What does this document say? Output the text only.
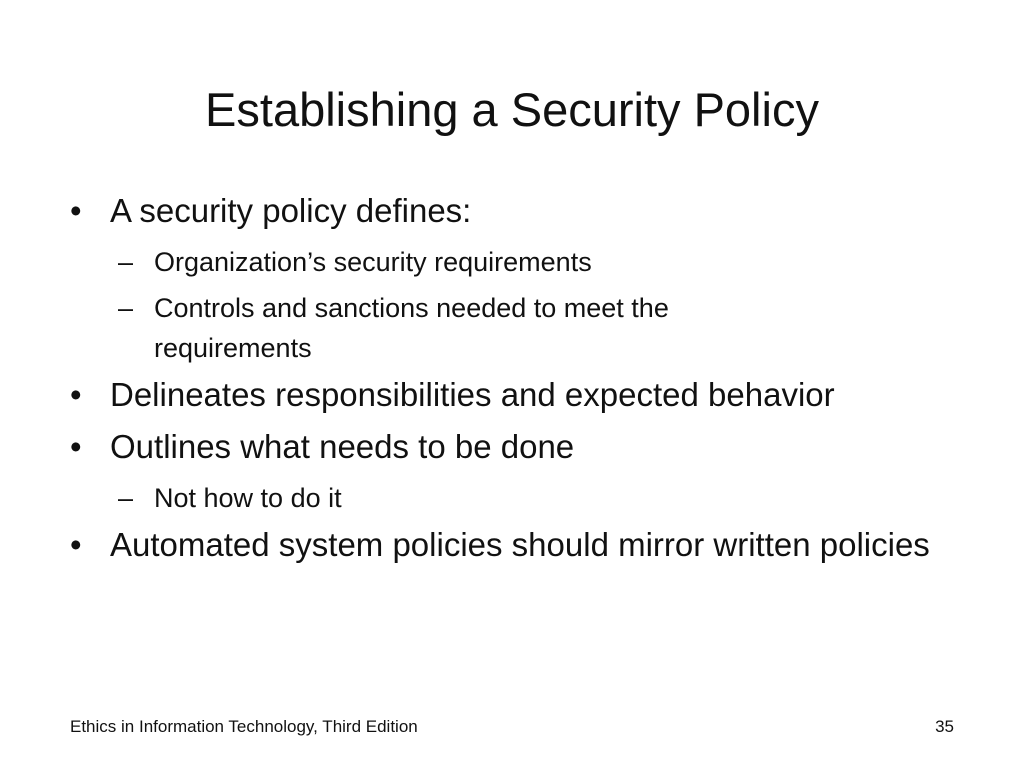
Establishing a Security Policy
• A security policy defines:
– Organization’s security requirements
– Controls and sanctions needed to meet the requirements
• Delineates responsibilities and expected behavior
• Outlines what needs to be done
– Not how to do it
• Automated system policies should mirror written policies
Ethics in Information Technology, Third Edition	35
